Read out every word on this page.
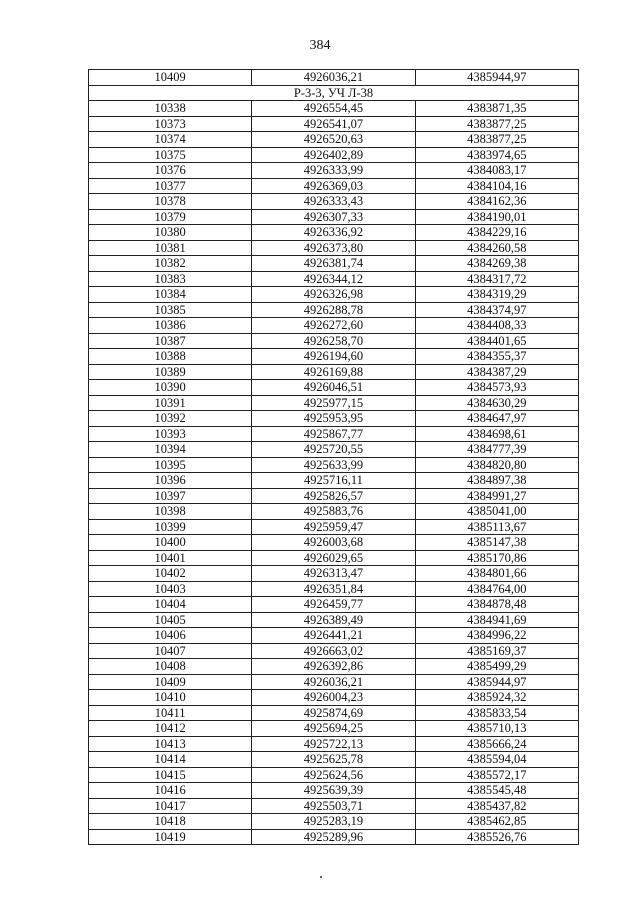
384
10409	4926036,21	4385944,97
Р-3-3, УЧ Л-38		
10338	4926554,45	4383871,35
10373	4926541,07	4383877,25
10374	4926520,63	4383877,25
10375	4926402,89	4383974,65
10376	4926333,99	4384083,17
10377	4926369,03	4384104,16
10378	4926333,43	4384162,36
10379	4926307,33	4384190,01
10380	4926336,92	4384229,16
10381	4926373,80	4384260,58
10382	4926381,74	4384269,38
10383	4926344,12	4384317,72
10384	4926326,98	4384319,29
10385	4926288,78	4384374,97
10386	4926272,60	4384408,33
10387	4926258,70	4384401,65
10388	4926194,60	4384355,37
10389	4926169,88	4384387,29
10390	4926046,51	4384573,93
10391	4925977,15	4384630,29
10392	4925953,95	4384647,97
10393	4925867,77	4384698,61
10394	4925720,55	4384777,39
10395	4925633,99	4384820,80
10396	4925716,11	4384897,38
10397	4925826,57	4384991,27
10398	4925883,76	4385041,00
10399	4925959,47	4385113,67
10400	4926003,68	4385147,38
10401	4926029,65	4385170,86
10402	4926313,47	4384801,66
10403	4926351,84	4384764,00
10404	4926459,77	4384878,48
10405	4926389,49	4384941,69
10406	4926441,21	4384996,22
10407	4926663,02	4385169,37
10408	4926392,86	4385499,29
10409	4926036,21	4385944,97
10410	4926004,23	4385924,32
10411	4925874,69	4385833,54
10412	4925694,25	4385710,13
10413	4925722,13	4385666,24
10414	4925625,78	4385594,04
10415	4925624,56	4385572,17
10416	4925639,39	4385545,48
10417	4925503,71	4385437,82
10418	4925283,19	4385462,85
10419	4925289,96	4385526,76
